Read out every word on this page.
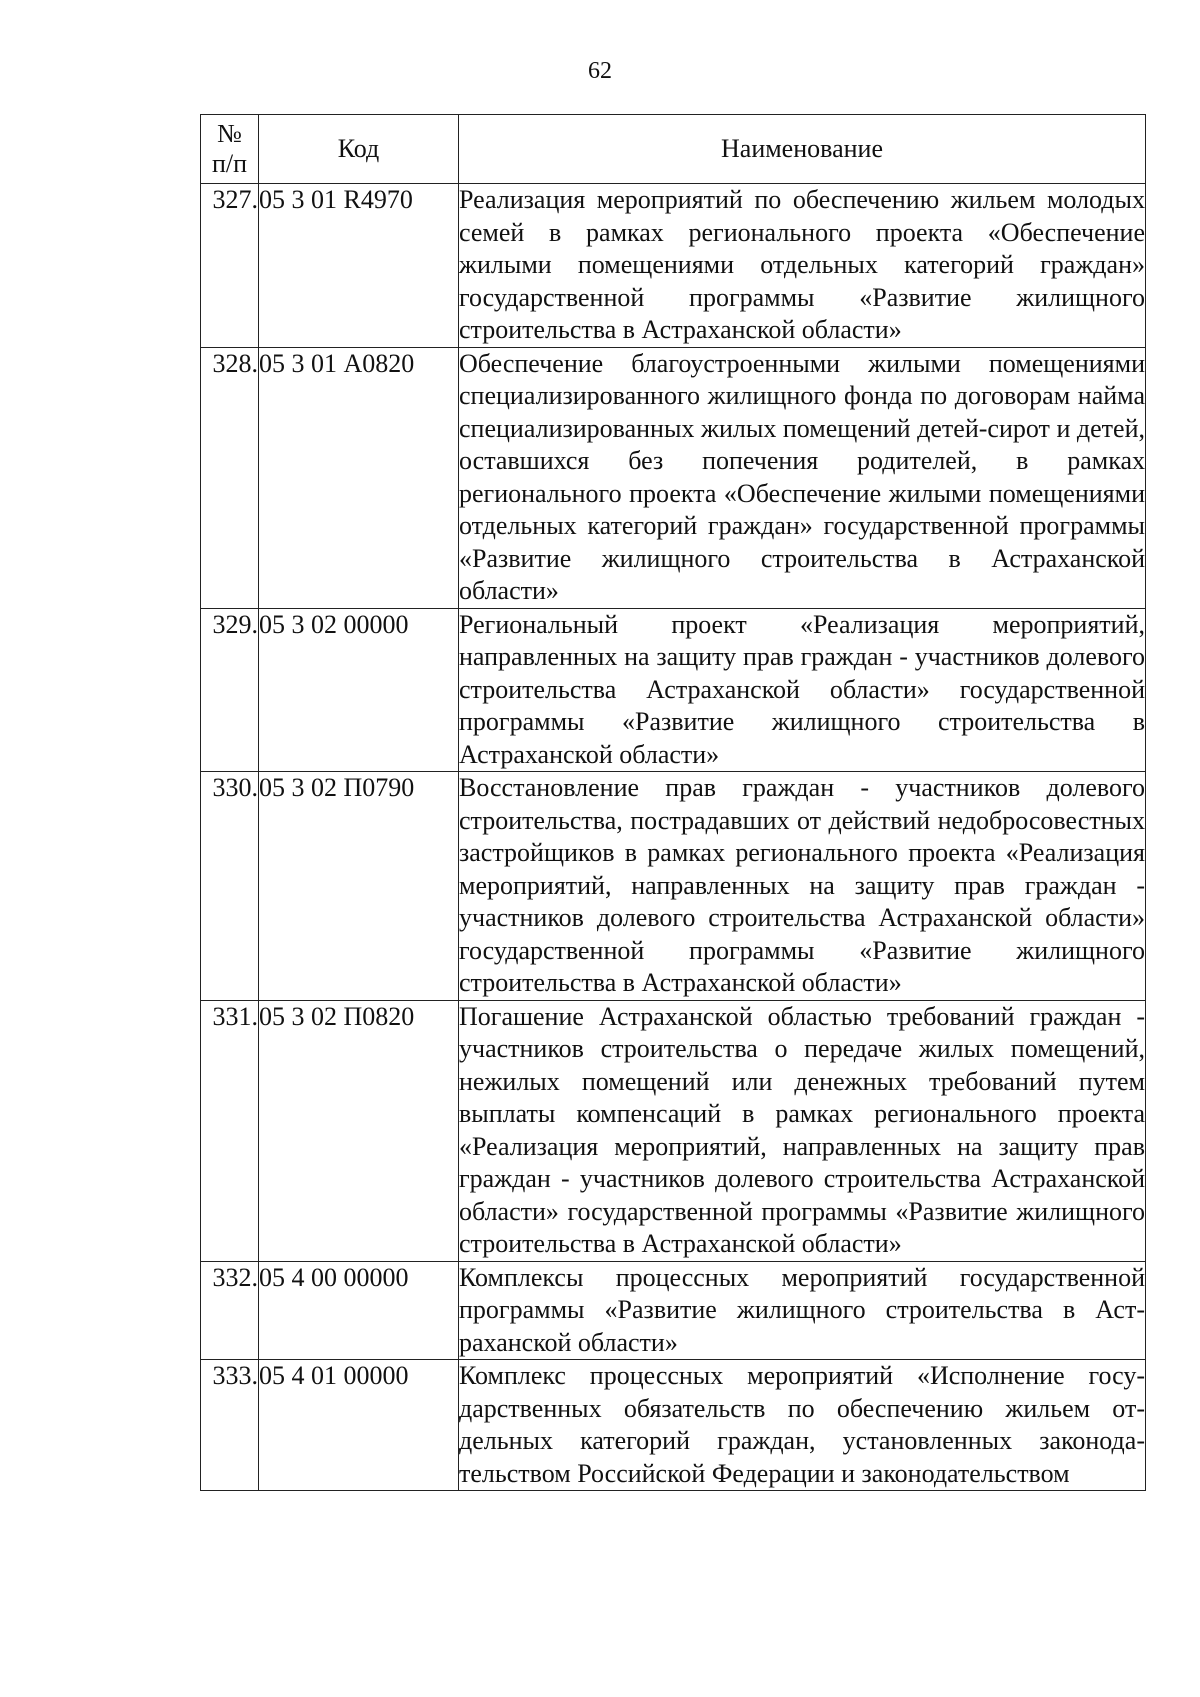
62
№ п/п	Код	Наименование
327.	05 3 01 R4970	Реализация мероприятий по обеспечению жильем молодых семей в рамках регионального проекта «Обеспечение жилыми помещениями отдельных категорий граждан» государственной программы «Развитие жилищного строительства в Астраханской области»
328.	05 3 01 А0820	Обеспечение благоустроенными жилыми помещениями специализированного жилищного фонда по договорам найма специализированных жилых помещений детей-сирот и детей, оставшихся без попечения родителей, в рамках регионального проекта «Обеспечение жилыми помещениями отдельных категорий граждан» государственной программы «Развитие жилищного строительства в Астраханской области»
329.	05 3 02 00000	Региональный проект «Реализация мероприятий, направленных на защиту прав граждан - участников долевого строительства Астраханской области» государственной программы «Развитие жилищного строительства в Астраханской области»
330.	05 3 02 П0790	Восстановление прав граждан - участников долевого строительства, пострадавших от действий недобросовестных застройщиков в рамках регионального проекта «Реализация мероприятий, направленных на защиту прав граждан - участников долевого строительства Астраханской области» государственной программы «Развитие жилищного строительства в Астраханской области»
331.	05 3 02 П0820	Погашение Астраханской областью требований граждан - участников строительства о передаче жилых помещений, нежилых помещений или денежных требований путем выплаты компенсаций в рамках регионального проекта «Реализация мероприятий, направленных на защиту прав граждан - участников долевого строительства Астраханской области» государственной программы «Развитие жилищного строительства в Астраханской области»
332.	05 4 00 00000	Комплексы процессных мероприятий государственной программы «Развитие жилищного строительства в Астраханской области»
333.	05 4 01 00000	Комплекс процессных мероприятий «Исполнение государственных обязательств по обеспечению жильем отдельных категорий граждан, установленных законодательством Российской Федерации и законодательством
